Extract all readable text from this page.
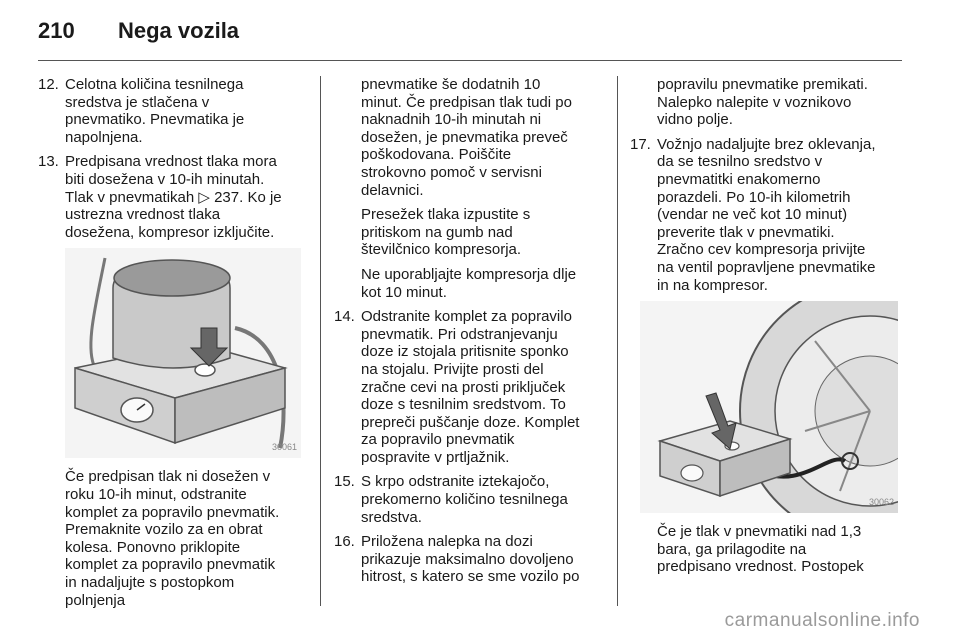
210 Nega vozila
12. Celotna količina tesnilnega sredstva je stlačena v pnevmatiko. Pnevmatika je napolnjena.
13. Predpisana vrednost tlaka mora biti dosežena v 10-ih minutah. Tlak v pnevmatikah ▷ 237. Ko je ustrezna vrednost tlaka dosežena, kompresor izključite.
30061
Če predpisan tlak ni dosežen v roku 10-ih minut, odstranite komplet za popravilo pnevmatik. Premaknite vozilo za en obrat kolesa. Ponovno priklopite komplet za popravilo pnevmatik in nadaljujte s postopkom polnjenja
pnevmatike še dodatnih 10 minut. Če predpisan tlak tudi po naknadnih 10-ih minutah ni dosežen, je pnevmatika preveč poškodovana. Poiščite strokovno pomoč v servisni delavnici.
Presežek tlaka izpustite s pritiskom na gumb nad številčnico kompresorja.
Ne uporabljajte kompresorja dlje kot 10 minut.
14. Odstranite komplet za popravilo pnevmatik. Pri odstranjevanju doze iz stojala pritisnite sponko na stojalu. Privijte prosti del zračne cevi na prosti priključek doze s tesnilnim sredstvom. To prepreči puščanje doze. Komplet za popravilo pnevmatik pospravite v prtljažnik.
15. S krpo odstranite iztekajočo, prekomerno količino tesnilnega sredstva.
16. Priložena nalepka na dozi prikazuje maksimalno dovoljeno hitrost, s katero se sme vozilo po
popravilu pnevmatike premikati. Nalepko nalepite v voznikovo vidno polje.
17. Vožnjo nadaljujte brez oklevanja, da se tesnilno sredstvo v pnevmatitki enakomerno porazdeli. Po 10-ih kilometrih (vendar ne več kot 10 minut) preverite tlak v pnevmatiki. Zračno cev kompresorja privijte na ventil popravljene pnevmatike in na kompresor.
30062
Če je tlak v pnevmatiki nad 1,3 bara, ga prilagodite na predpisano vrednost. Postopek
carmanualsonline.info
